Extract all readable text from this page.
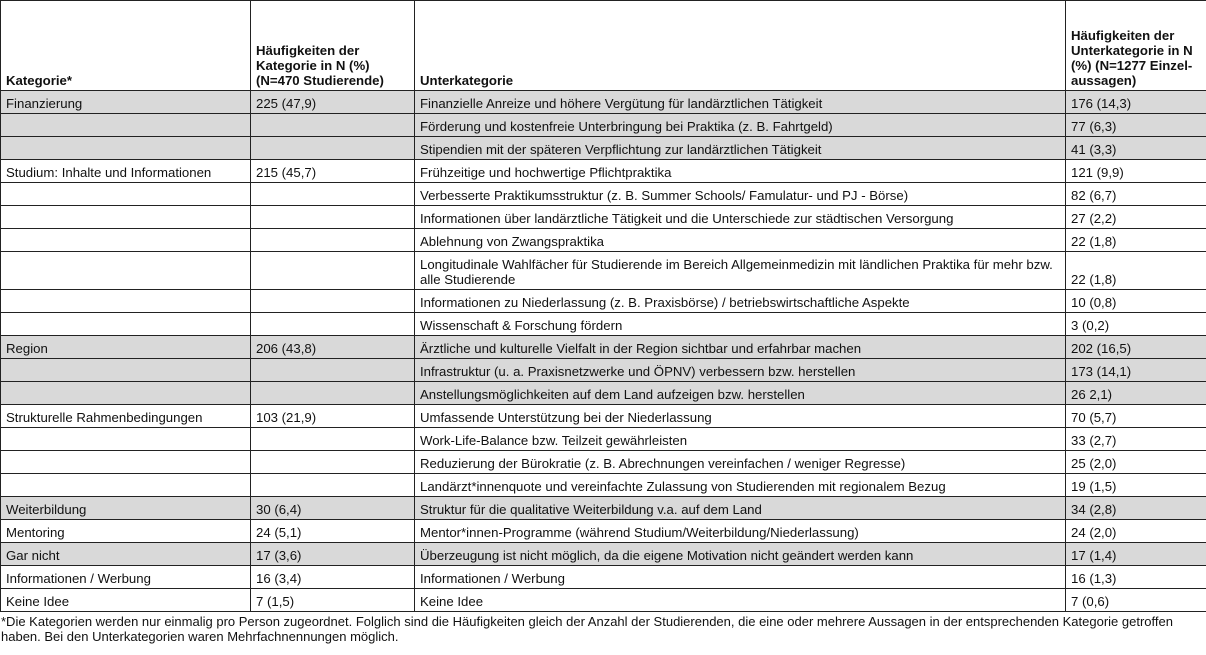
Kategorie*	Häufigkeiten der Kategorie in N (%) (N=470 Studierende)	Unterkategorie	Häufigkeiten der Unterkategorie in N (%) (N=1277 Einzel-aussagen)
Finanzierung	225 (47,9)	Finanzielle Anreize und höhere Vergütung für landärztlichen Tätigkeit	176 (14,3)
		Förderung und kostenfreie Unterbringung bei Praktika (z. B. Fahrtgeld)	77 (6,3)
		Stipendien mit der späteren Verpflichtung zur landärztlichen Tätigkeit	41 (3,3)
Studium: Inhalte und Informationen	215 (45,7)	Frühzeitige und hochwertige Pflichtpraktika	121 (9,9)
		Verbesserte Praktikumsstruktur (z. B. Summer Schools/ Famulatur- und PJ - Börse)	82 (6,7)
		Informationen über landärztliche Tätigkeit und die Unterschiede zur städtischen Versorgung	27 (2,2)
		Ablehnung von Zwangspraktika	22 (1,8)
		Longitudinale Wahlfächer für Studierende im Bereich Allgemeinmedizin mit ländlichen Praktika für mehr bzw. alle Studierende	22 (1,8)
		Informationen zu Niederlassung (z. B. Praxisbörse) / betriebswirtschaftliche Aspekte	10 (0,8)
		Wissenschaft & Forschung fördern	3 (0,2)
Region	206 (43,8)	Ärztliche und kulturelle Vielfalt in der Region sichtbar und erfahrbar machen	202 (16,5)
		Infrastruktur (u. a. Praxisnetzwerke und ÖPNV) verbessern bzw. herstellen	173 (14,1)
		Anstellungsmöglichkeiten auf dem Land aufzeigen bzw. herstellen	26 2,1)
Strukturelle Rahmenbedingungen	103 (21,9)	Umfassende Unterstützung bei der Niederlassung	70 (5,7)
		Work-Life-Balance bzw. Teilzeit gewährleisten	33 (2,7)
		Reduzierung der Bürokratie (z. B. Abrechnungen vereinfachen / weniger Regresse)	25 (2,0)
		Landärzt*innenquote und vereinfachte Zulassung von Studierenden mit regionalem Bezug	19 (1,5)
Weiterbildung	30 (6,4)	Struktur für die qualitative Weiterbildung v.a. auf dem Land	34 (2,8)
Mentoring	24 (5,1)	Mentor*innen-Programme (während Studium/Weiterbildung/Niederlassung)	24 (2,0)
Gar nicht	17 (3,6)	Überzeugung ist nicht möglich, da die eigene Motivation nicht geändert werden kann	17 (1,4)
Informationen / Werbung	16 (3,4)	Informationen / Werbung	16 (1,3)
Keine Idee	7 (1,5)	Keine Idee	7 (0,6)
*Die Kategorien werden nur einmalig pro Person zugeordnet. Folglich sind die Häufigkeiten gleich der Anzahl der Studierenden, die eine oder mehrere Aussagen in der entsprechenden Kategorie getroffen haben. Bei den Unterkategorien waren Mehrfachnennungen möglich.
